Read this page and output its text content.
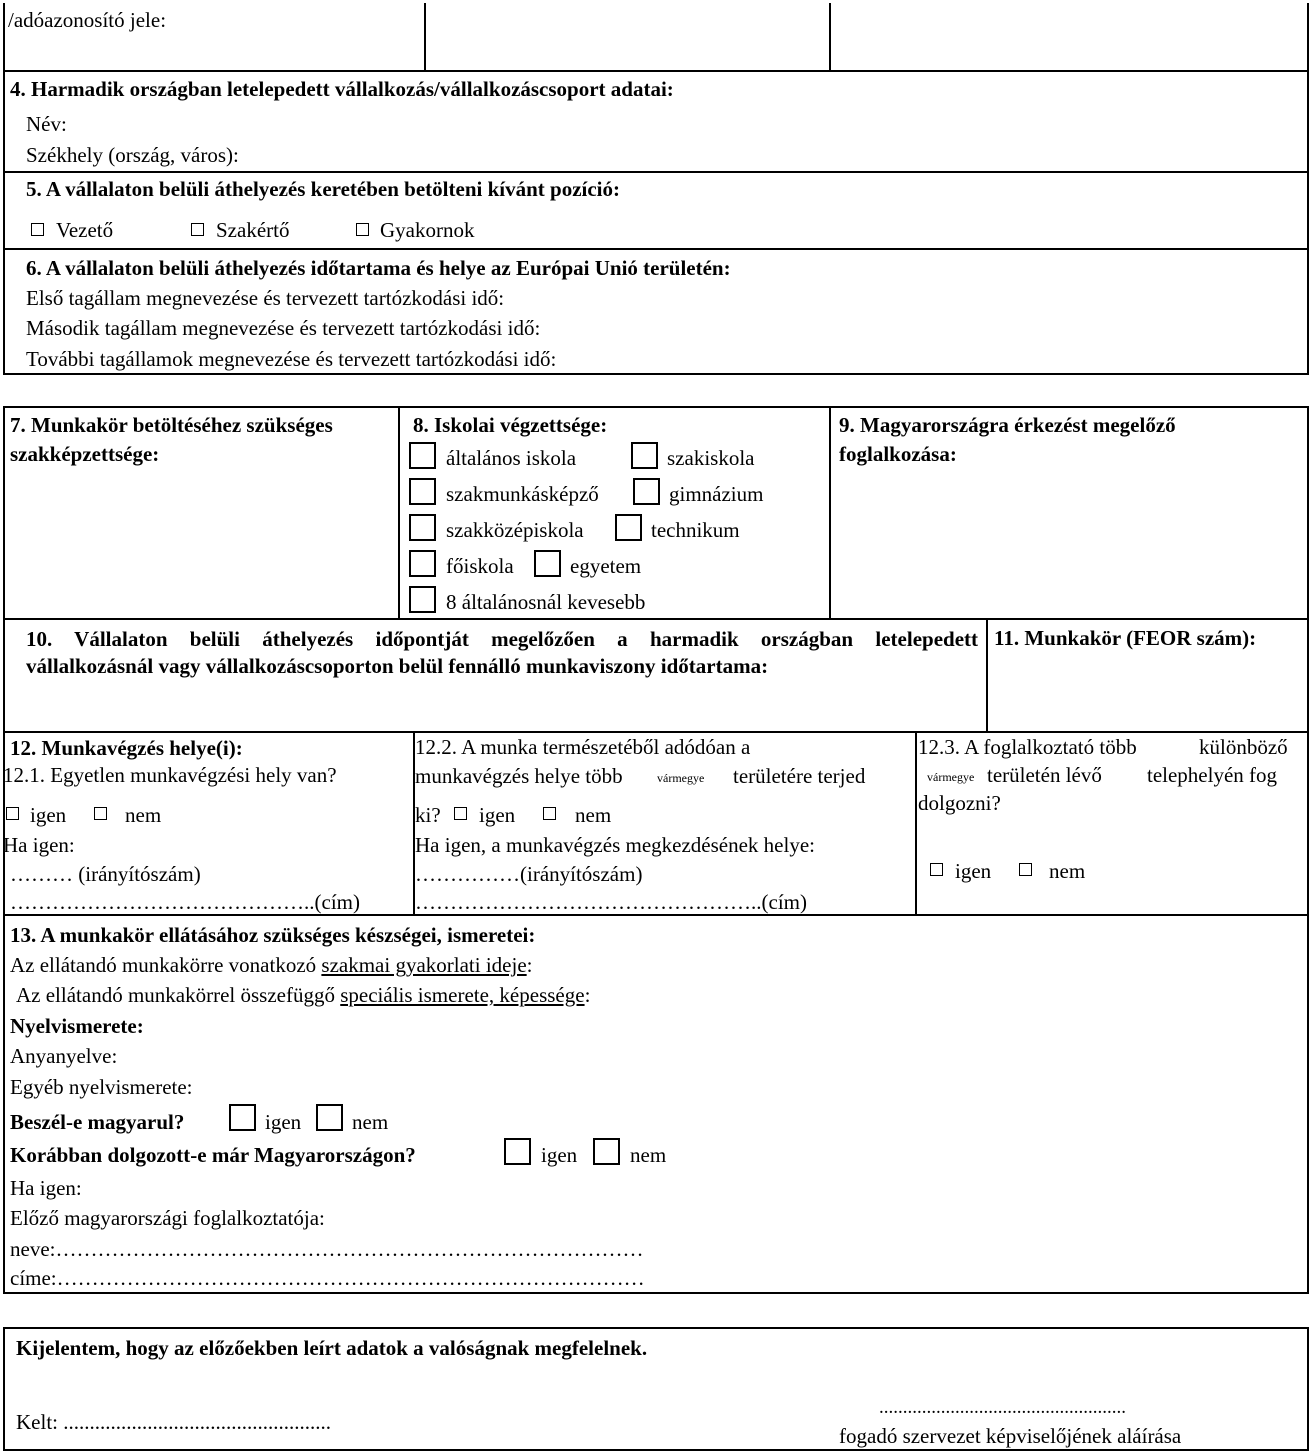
/adóazonosító jele:
4. Harmadik országban letelepedett vállalkozás/vállalkozáscsoport adatai:
Név:
Székhely (ország, város):
5. A vállalaton belüli áthelyezés keretében betölteni kívánt pozíció:
Vezető	Szakértő	Gyakornok
6. A vállalaton belüli áthelyezés időtartama és helye az Európai Unió területén:
Első tagállam megnevezése és tervezett tartózkodási idő:
Második tagállam megnevezése és tervezett tartózkodási idő:
További tagállamok megnevezése és tervezett tartózkodási idő:
7. Munkakör betöltéséhez szükséges
szakképzettsége:
8. Iskolai végzettsége:
általános iskola	szakiskola
szakmunkásképző	gimnázium
szakközépiskola	technikum
főiskola	egyetem
8 általánosnál kevesebb
9. Magyarországra érkezést megelőző
foglalkozása:
10. Vállalaton belüli áthelyezés időpontját megelőzően a harmadik országban letelepedett
vállalkozásnál vagy vállalkozáscsoporton belül fennálló munkaviszony időtartama:
11. Munkakör (FEOR szám):
12. Munkavégzés helye(i):
12.1. Egyetlen munkavégzési hely van?
igen	nem
Ha igen:
……… (irányítószám)
……………………………………..(cím)
12.2. A munka természetéből adódóan a
munkavégzés helye több	vármegye területére terjed
ki? igen	nem
Ha igen, a munkavégzés megkezdésének helye:
……………(irányítószám)
…………………………………………..(cím)
12.3. A foglalkoztató több	különböző
vármegye területén lévő telephelyén fog
dolgozni?
igen	nem
13. A munkakör ellátásához szükséges készségei, ismeretei:
Az ellátandó munkakörre vonatkozó szakmai gyakorlati ideje:
Az ellátandó munkakörrel összefüggő speciális ismerete, képessége:
Nyelvismerete:
Anyanyelve:
Egyéb nyelvismerete:
Beszél-e magyarul?	igen nem
Korábban dolgozott-e már Magyarországon?	igen	nem
Ha igen:
Előző magyarországi foglalkoztatója:
neve:…………………………………………………………………………
címe:…………………………………………………………………………
Kijelentem, hogy az előzőekben leírt adatok a valóságnak megfelelnek.
Kelt: ...................................................
....................................................
fogadó szervezet képviselőjének aláírása
